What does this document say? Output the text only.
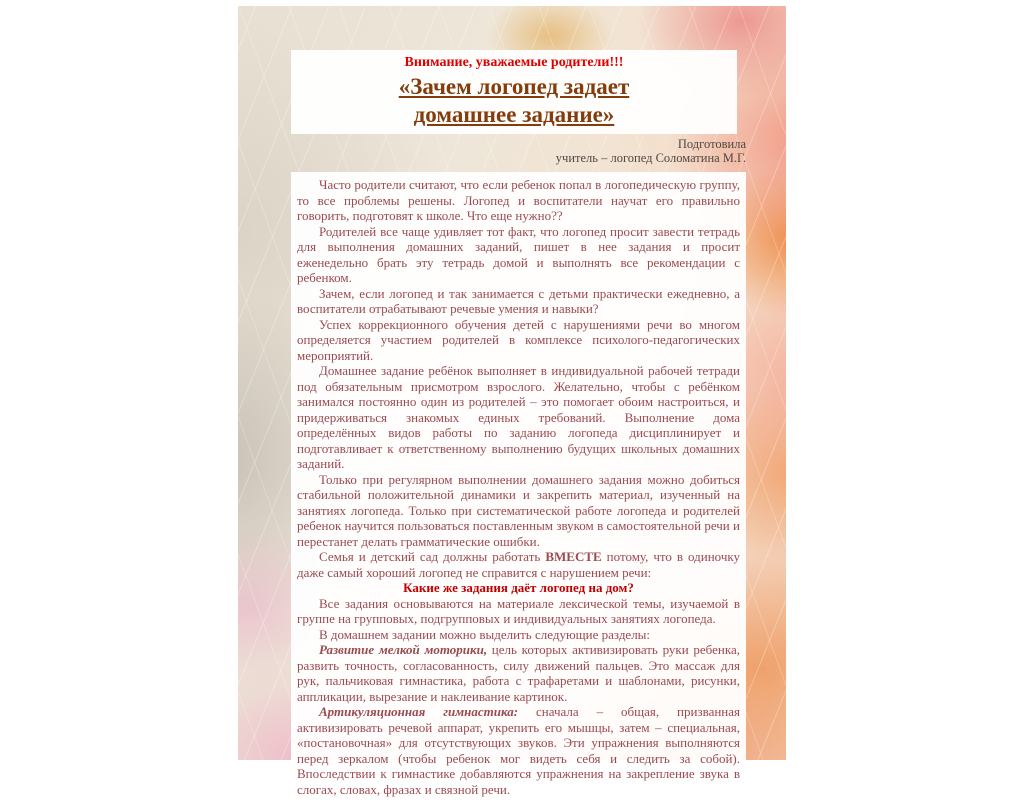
Внимание, уважаемые родители!!!

«Зачем логопед задает
домашнее задание»
Подготовила
учитель – логопед Соломатина М.Г.

Часто родители считают, что если ребенок попал в логопедическую группу, то все проблемы решены. Логопед и воспитатели научат его правильно говорить, подготовят к школе. Что еще нужно??

Родителей все чаще удивляет тот факт, что логопед просит завести тетрадь для выполнения домашних заданий, пишет в нее задания и просит еженедельно брать эту тетрадь домой и выполнять все рекомендации с ребенком.

Зачем, если логопед и так занимается с детьми практически ежедневно, а воспитатели отрабатывают речевые умения и навыки?

Успех коррекционного обучения детей с нарушениями речи во многом определяется участием родителей в комплексе психолого-педагогических мероприятий.

Домашнее задание ребёнок выполняет в индивидуальной рабочей тетради под обязательным присмотром взрослого. Желательно, чтобы с ребёнком занимался постоянно один из родителей – это помогает обоим настроиться, и придерживаться знакомых единых требований. Выполнение дома определённых видов работы по заданию логопеда дисциплинирует и подготавливает к ответственному выполнению будущих школьных домашних заданий.

Только при регулярном выполнении домашнего задания можно добиться стабильной положительной динамики и закрепить материал, изученный на занятиях логопеда. Только при систематической работе логопеда и родителей ребенок научится пользоваться поставленным звуком в самостоятельной речи и перестанет делать грамматические ошибки.

Семья и детский сад должны работать ВМЕСТЕ потому, что в одиночку даже самый хороший логопед не справится с нарушением речи:

Какие же задания даёт логопед на дом?

Все задания основываются на материале лексической темы, изучаемой в группе на групповых, подгрупповых и индивидуальных занятиях логопеда.

В домашнем задании можно выделить следующие разделы:

Развитие мелкой моторики, цель которых активизировать руки ребенка, развить точность, согласованность, силу движений пальцев. Это массаж для рук, пальчиковая гимнастика, работа с трафаретами и шаблонами, рисунки, аппликации, вырезание и наклеивание картинок.

Артикуляционная гимнастика: сначала – общая, призванная активизировать речевой аппарат, укрепить его мышцы, затем – специальная, «постановочная» для отсутствующих звуков. Эти упражнения выполняются перед зеркалом (чтобы ребенок мог видеть себя и следить за собой). Впоследствии к гимнастике добавляются упражнения на закрепление звука в слогах, словах, фразах и связной речи.
